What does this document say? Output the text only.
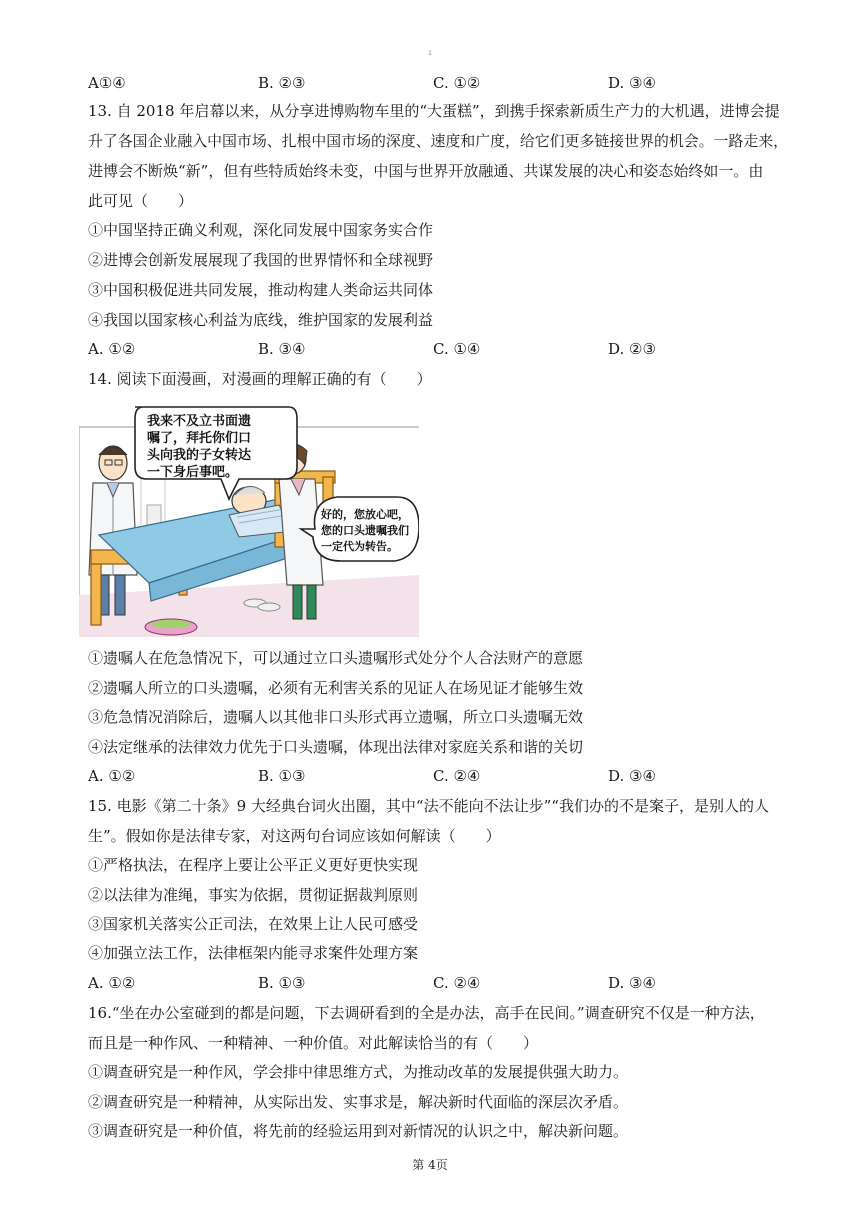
1
A①④	B. ②③	C. ①②	D. ③④
13. 自 2018 年启幕以来，从分享进博购物车里的“大蛋糕”，到携手探索新质生产力的大机遇，进博会提
升了各国企业融入中国市场、扎根中国市场的深度、速度和广度，给它们更多链接世界的机会。一路走来，
进博会不断焕“新”，但有些特质始终未变，中国与世界开放融通、共谋发展的决心和姿态始终如一。由
此可见（　　）
①中国坚持正确义利观，深化同发展中国家务实合作
②进博会创新发展展现了我国的世界情怀和全球视野
③中国积极促进共同发展，推动构建人类命运共同体
④我国以国家核心利益为底线，维护国家的发展利益
A. ①②	B. ③④	C. ①④	D. ②③
14. 阅读下面漫画，对漫画的理解正确的有（　　）
我来不及立书面遗
嘱了，拜托你们口
头向我的子女转达
一下身后事吧。
好的，您放心吧，
您的口头遗嘱我们
一定代为转告。
①遗嘱人在危急情况下，可以通过立口头遗嘱形式处分个人合法财产的意愿
②遗嘱人所立的口头遗嘱，必须有无利害关系的见证人在场见证才能够生效
③危急情况消除后，遗嘱人以其他非口头形式再立遗嘱，所立口头遗嘱无效
④法定继承的法律效力优先于口头遗嘱，体现出法律对家庭关系和谐的关切
A. ①②	B. ①③	C. ②④	D. ③④
15. 电影《第二十条》9 大经典台词火出圈，其中“法不能向不法让步”“我们办的不是案子，是别人的人
生”。假如你是法律专家，对这两句台词应该如何解读（　　）
①严格执法，在程序上要让公平正义更好更快实现
②以法律为准绳，事实为依据，贯彻证据裁判原则
③国家机关落实公正司法，在效果上让人民可感受
④加强立法工作，法律框架内能寻求案件处理方案
A. ①②	B. ①③	C. ②④	D. ③④
16.“坐在办公室碰到的都是问题，下去调研看到的全是办法，高手在民间。”调查研究不仅是一种方法，
而且是一种作风、一种精神、一种价值。对此解读恰当的有（　　）
①调查研究是一种作风，学会排中律思维方式，为推动改革的发展提供强大助力。
②调查研究是一种精神，从实际出发、实事求是，解决新时代面临的深层次矛盾。
③调查研究是一种价值，将先前的经验运用到对新情况的认识之中，解决新问题。
第 4页
